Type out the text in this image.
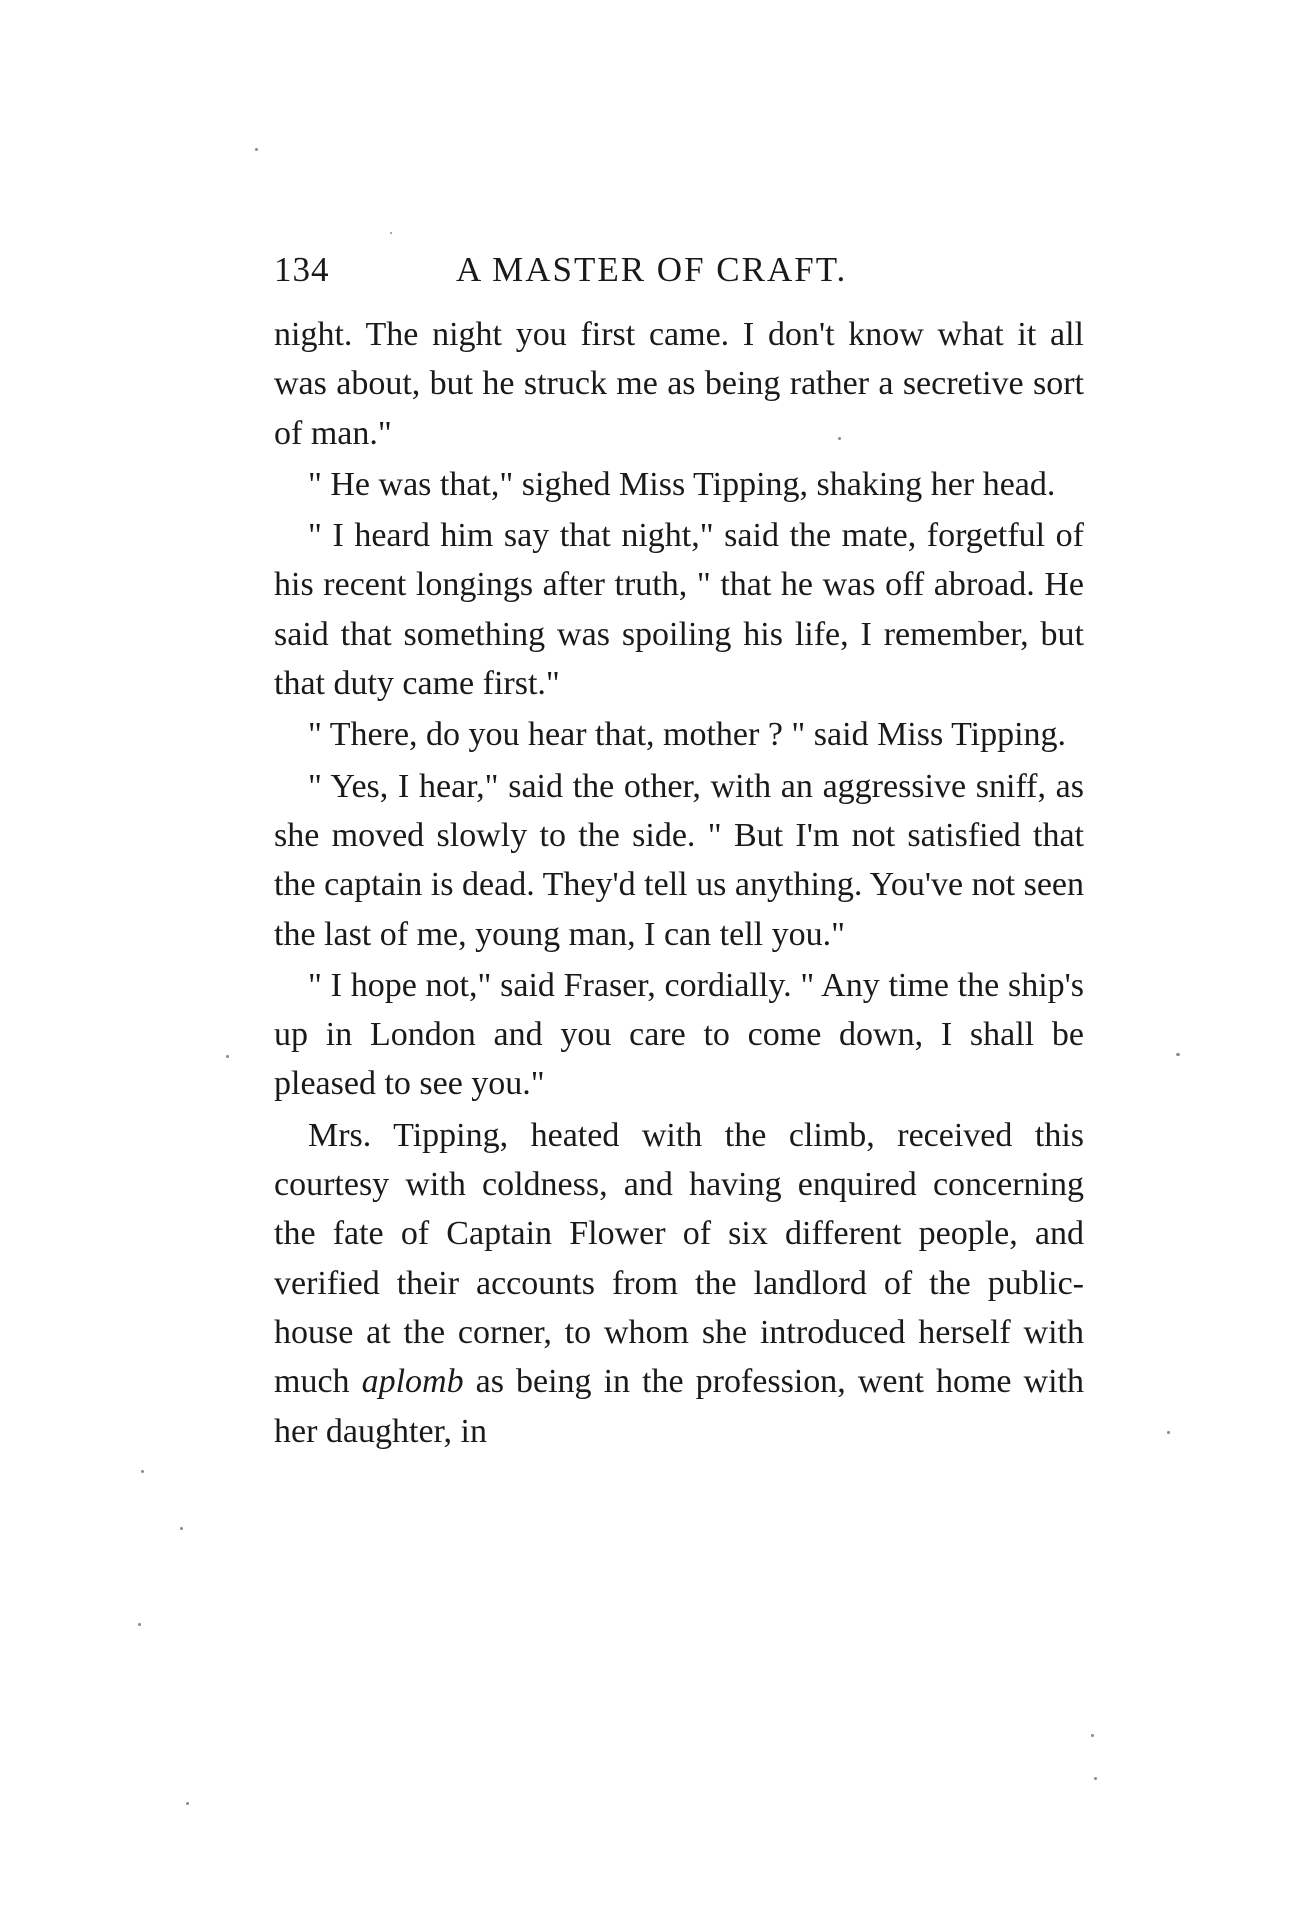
134	A MASTER OF CRAFT.

night. The night you first came. I don't know what it all was about, but he struck me as being rather a secretive sort of man."

" He was that," sighed Miss Tipping, shaking her head.

" I heard him say that night," said the mate, forgetful of his recent longings after truth, " that he was off abroad. He said that something was spoiling his life, I remember, but that duty came first."

" There, do you hear that, mother ? " said Miss Tipping.

" Yes, I hear," said the other, with an aggressive sniff, as she moved slowly to the side. " But I'm not satisfied that the captain is dead. They'd tell us anything. You've not seen the last of me, young man, I can tell you."

" I hope not," said Fraser, cordially. " Any time the ship's up in London and you care to come down, I shall be pleased to see you."

Mrs. Tipping, heated with the climb, received this courtesy with coldness, and having enquired concerning the fate of Captain Flower of six different people, and verified their accounts from the landlord of the public-house at the corner, to whom she introduced herself with much aplomb as being in the profession, went home with her daughter, in
